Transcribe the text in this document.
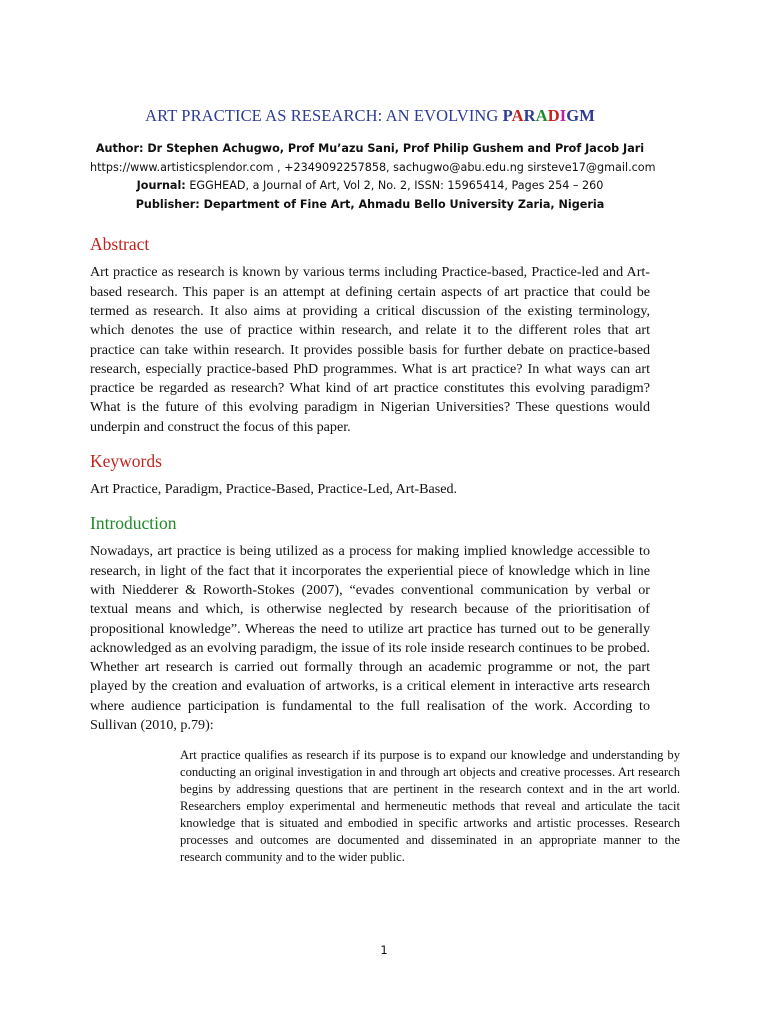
ART PRACTICE AS RESEARCH: AN EVOLVING PARADIGM
Author: Dr Stephen Achugwo, Prof Mu’azu Sani, Prof Philip Gushem and Prof Jacob Jari
https://www.artisticsplendor.com , +2349092257858, sachugwo@abu.edu.ng sirsteve17@gmail.com
Journal: EGGHEAD, a Journal of Art, Vol 2, No. 2, ISSN: 15965414, Pages 254 – 260
Publisher: Department of Fine Art, Ahmadu Bello University Zaria, Nigeria
Abstract

Art practice as research is known by various terms including Practice-based, Practice-led and Art-based research. This paper is an attempt at defining certain aspects of art practice that could be termed as research. It also aims at providing a critical discussion of the existing terminology, which denotes the use of practice within research, and relate it to the different roles that art practice can take within research. It provides possible basis for further debate on practice-based research, especially practice-based PhD programmes. What is art practice? In what ways can art practice be regarded as research? What kind of art practice constitutes this evolving paradigm? What is the future of this evolving paradigm in Nigerian Universities? These questions would underpin and construct the focus of this paper.

Keywords

Art Practice, Paradigm, Practice-Based, Practice-Led, Art-Based.

Introduction

Nowadays, art practice is being utilized as a process for making implied knowledge accessible to research, in light of the fact that it incorporates the experiential piece of knowledge which in line with Niedderer & Roworth-Stokes (2007), “evades conventional communication by verbal or textual means and which, is otherwise neglected by research because of the prioritisation of propositional knowledge”. Whereas the need to utilize art practice has turned out to be generally acknowledged as an evolving paradigm, the issue of its role inside research continues to be probed. Whether art research is carried out formally through an academic programme or not, the part played by the creation and evaluation of artworks, is a critical element in interactive arts research where audience participation is fundamental to the full realisation of the work. According to Sullivan (2010, p.79):

Art practice qualifies as research if its purpose is to expand our knowledge and understanding by conducting an original investigation in and through art objects and creative processes. Art research begins by addressing questions that are pertinent in the research context and in the art world. Researchers employ experimental and hermeneutic methods that reveal and articulate the tacit knowledge that is situated and embodied in specific artworks and artistic processes. Research processes and outcomes are documented and disseminated in an appropriate manner to the research community and to the wider public.

1
